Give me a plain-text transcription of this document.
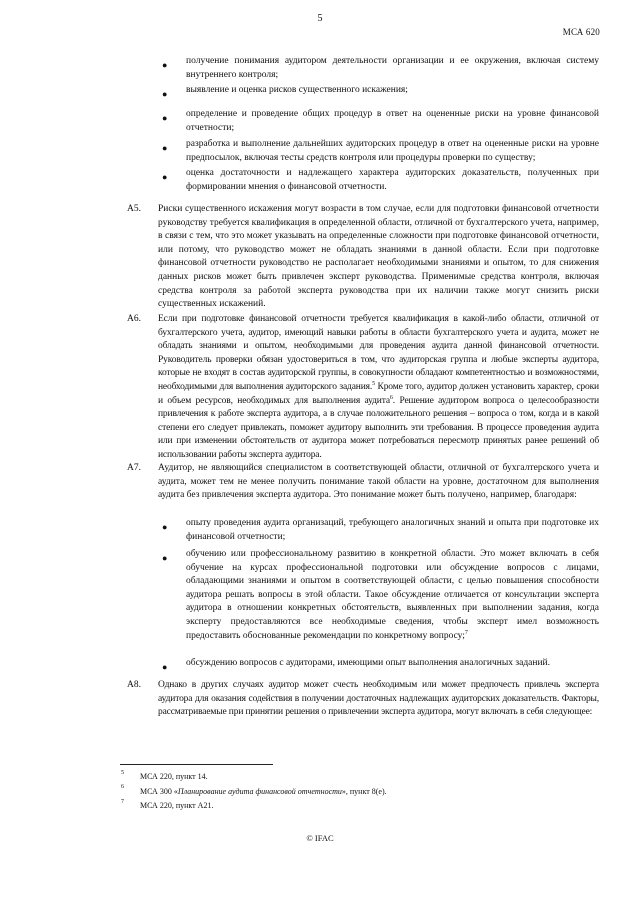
5
МСА 620
● получение понимания аудитором деятельности организации и ее окружения, включая систему внутреннего контроля;
● выявление и оценка рисков существенного искажения;
● определение и проведение общих процедур в ответ на оцененные риски на уровне финансовой отчетности;
● разработка и выполнение дальнейших аудиторских процедур в ответ на оцененные риски на уровне предпосылок, включая тесты средств контроля или процедуры проверки по существу;
● оценка достаточности и надлежащего характера аудиторских доказательств, полученных при формировании мнения о финансовой отчетности.
A5. Риски существенного искажения могут возрасти в том случае, если для подготовки финансовой отчетности руководству требуется квалификация в определенной области, отличной от бухгалтерского учета, например, в связи с тем, что это может указывать на определенные сложности при подготовке финансовой отчетности, или потому, что руководство может не обладать знаниями в данной области. Если при подготовке финансовой отчетности руководство не располагает необходимыми знаниями и опытом, то для снижения данных рисков может быть привлечен эксперт руководства. Применимые средства контроля, включая средства контроля за работой эксперта руководства при их наличии также могут снизить риски существенных искажений.
A6. Если при подготовке финансовой отчетности требуется квалификация в какой-либо области, отличной от бухгалтерского учета, аудитор, имеющий навыки работы в области бухгалтерского учета и аудита, может не обладать знаниями и опытом, необходимыми для проведения аудита данной финансовой отчетности. Руководитель проверки обязан удостовериться в том, что аудиторская группа и любые эксперты аудитора, которые не входят в состав аудиторской группы, в совокупности обладают компетентностью и возможностями, необходимыми для выполнения аудиторского задания.$^5$ Кроме того, аудитор должен установить характер, сроки и объем ресурсов, необходимых для выполнения аудита$^6$. Решение аудитором вопроса о целесообразности привлечения к работе эксперта аудитора, а в случае положительного решения – вопроса о том, когда и в какой степени его следует привлекать, поможет аудитору выполнить эти требования. В процессе проведения аудита или при изменении обстоятельств от аудитора может потребоваться пересмотр принятых ранее решений об использовании работы эксперта аудитора.
A7. Аудитор, не являющийся специалистом в соответствующей области, отличной от бухгалтерского учета и аудита, может тем не менее получить понимание такой области на уровне, достаточном для выполнения аудита без привлечения эксперта аудитора. Это понимание может быть получено, например, благодаря:
● опыту проведения аудита организаций, требующего аналогичных знаний и опыта при подготовке их финансовой отчетности;
● обучению или профессиональному развитию в конкретной области. Это может включать в себя обучение на курсах профессиональной подготовки или обсуждение вопросов с лицами, обладающими знаниями и опытом в соответствующей области, с целью повышения способности аудитора решать вопросы в этой области. Такое обсуждение отличается от консультации эксперта аудитора в отношении конкретных обстоятельств, выявленных при выполнении задания, когда эксперту предоставляются все необходимые сведения, чтобы эксперт имел возможность предоставить обоснованные рекомендации по конкретному вопросу;$^7$
● обсуждению вопросов с аудиторами, имеющими опыт выполнения аналогичных заданий.
A8. Однако в других случаях аудитор может счесть необходимым или может предпочесть привлечь эксперта аудитора для оказания содействия в получении достаточных надлежащих аудиторских доказательств. Факторы, рассматриваемые при принятии решения о привлечении эксперта аудитора, могут включать в себя следующее:
5 МСА 220, пункт 14.
6 МСА 300 «Планирование аудита финансовой отчетности», пункт 8(е).
7 МСА 220, пункт А21.
© IFAC
